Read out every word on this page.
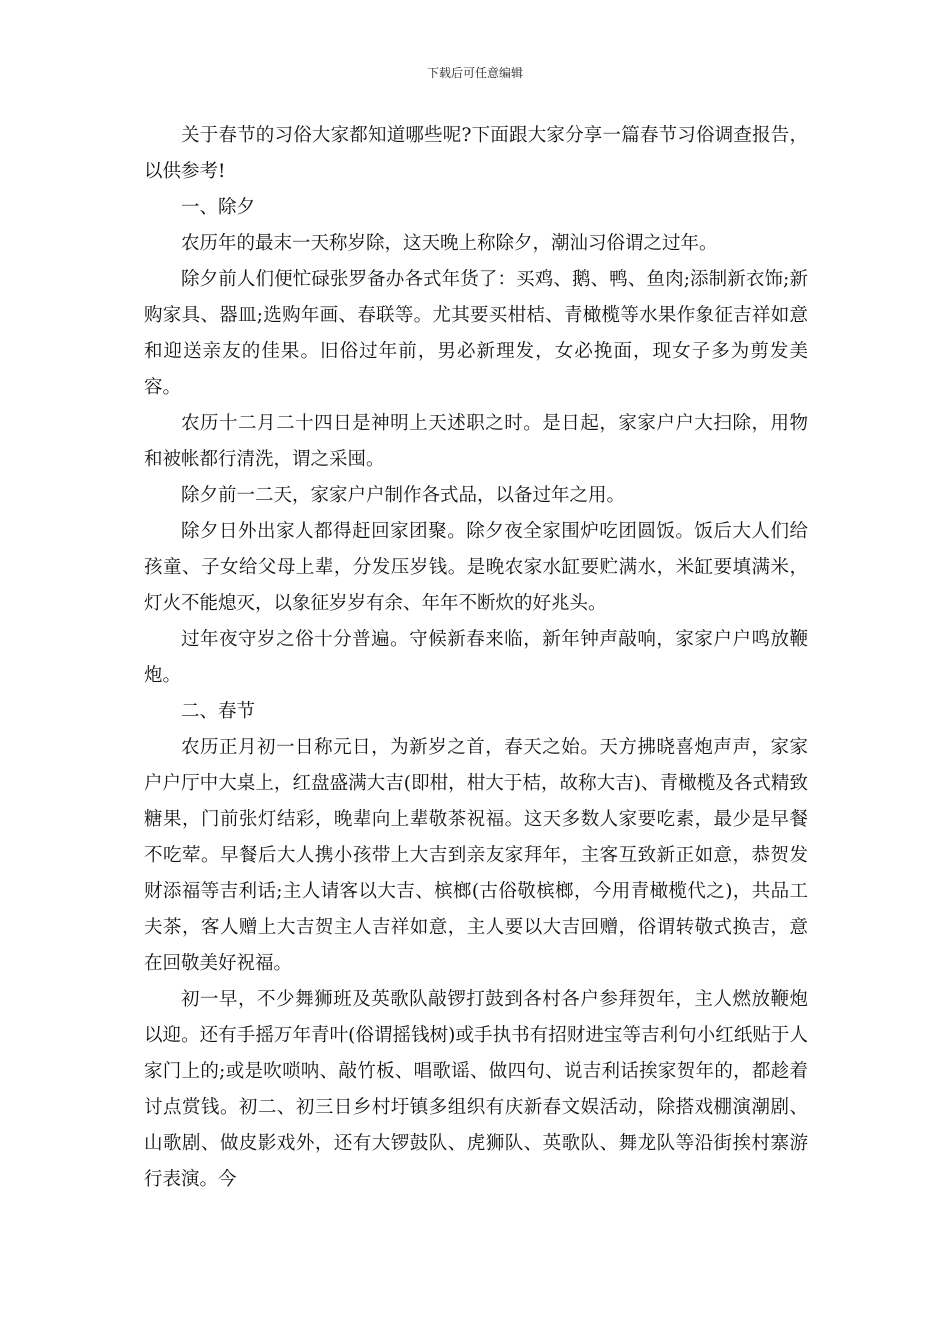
下载后可任意编辑

关于春节的习俗大家都知道哪些呢?下面跟大家分享一篇春节习俗调查报告，以供参考!

一、除夕

农历年的最末一天称岁除，这天晚上称除夕，潮汕习俗谓之过年。

除夕前人们便忙碌张罗备办各式年货了：买鸡、鹅、鸭、鱼肉;添制新衣饰;新购家具、器皿;选购年画、春联等。尤其要买柑桔、青橄榄等水果作象征吉祥如意和迎送亲友的佳果。旧俗过年前，男必新理发，女必挽面，现女子多为剪发美容。

农历十二月二十四日是神明上天述职之时。是日起，家家户户大扫除，用物和被帐都行清洗，谓之采囤。

除夕前一二天，家家户户制作各式品，以备过年之用。

除夕日外出家人都得赶回家团聚。除夕夜全家围炉吃团圆饭。饭后大人们给孩童、子女给父母上辈，分发压岁钱。是晚农家水缸要贮满水，米缸要填满米，灯火不能熄灭，以象征岁岁有余、年年不断炊的好兆头。

过年夜守岁之俗十分普遍。守候新春来临，新年钟声敲响，家家户户鸣放鞭炮。

二、春节

农历正月初一日称元日，为新岁之首，春天之始。天方拂晓喜炮声声，家家户户厅中大桌上，红盘盛满大吉(即柑，柑大于桔，故称大吉)、青橄榄及各式精致糖果，门前张灯结彩，晚辈向上辈敬茶祝福。这天多数人家要吃素，最少是早餐不吃荤。早餐后大人携小孩带上大吉到亲友家拜年，主客互致新正如意，恭贺发财添福等吉利话;主人请客以大吉、槟榔(古俗敬槟榔，今用青橄榄代之)，共品工夫茶，客人赠上大吉贺主人吉祥如意，主人要以大吉回赠，俗谓转敬式换吉，意在回敬美好祝福。

初一早，不少舞狮班及英歌队敲锣打鼓到各村各户参拜贺年，主人燃放鞭炮以迎。还有手摇万年青叶(俗谓摇钱树)或手执书有招财进宝等吉利句小红纸贴于人家门上的;或是吹唢呐、敲竹板、唱歌谣、做四句、说吉利话挨家贺年的，都趁着讨点赏钱。初二、初三日乡村圩镇多组织有庆新春文娱活动，除搭戏棚演潮剧、山歌剧、做皮影戏外，还有大锣鼓队、虎狮队、英歌队、舞龙队等沿街挨村寨游行表演。今
